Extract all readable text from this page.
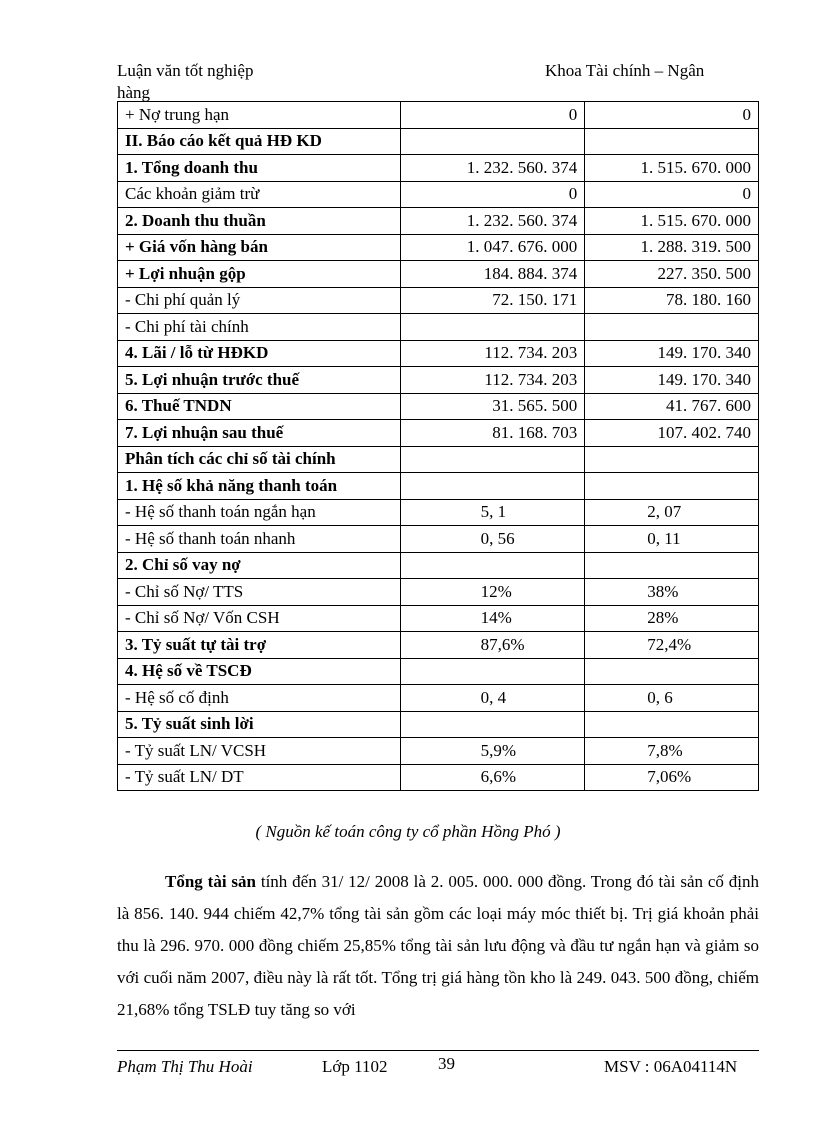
Luận văn tốt nghiệp hàng
Khoa Tài chính – Ngân
+ Nợ trung hạn	0	0
II. Báo cáo kết quả HĐ KD		
1. Tổng doanh thu	1. 232. 560. 374	1. 515. 670. 000
Các khoản giảm trừ	0	0
2. Doanh thu thuần	1. 232. 560. 374	1. 515. 670. 000
+ Giá vốn hàng bán	1. 047. 676. 000	1. 288. 319. 500
+ Lợi nhuận gộp	184. 884. 374	227. 350. 500
- Chi phí quản lý	72. 150. 171	78. 180. 160
- Chi phí tài chính		
4. Lãi / lỗ từ HĐKD	112. 734. 203	149. 170. 340
5. Lợi nhuận trước thuế	112. 734. 203	149. 170. 340
6. Thuế TNDN	31. 565. 500	41. 767. 600
7. Lợi nhuận sau thuế	81. 168. 703	107. 402. 740
Phân tích các chỉ số tài chính		
1. Hệ số khả năng thanh toán		
- Hệ số thanh toán ngắn hạn	5, 1	2, 07
- Hệ số thanh toán nhanh	0, 56	0, 11
2. Chỉ số vay nợ		
- Chỉ số Nợ/ TTS	12%	38%
- Chỉ số Nợ/ Vốn CSH	14%	28%
3. Tỷ suất tự tài trợ	87,6%	72,4%
4. Hệ số về TSCĐ		
- Hệ số cố định	0, 4	0, 6
5. Tỷ suất sinh lời		
- Tỷ suất LN/ VCSH	5,9%	7,8%
- Tỷ suất LN/ DT	6,6%	7,06%
( Nguồn kế toán công ty cổ phần Hồng Phó )
Tổng tài sản tính đến 31/ 12/ 2008 là 2. 005. 000. 000 đồng. Trong đó tài sản cố định là 856. 140. 944 chiếm 42,7% tổng tài sản gồm các loại máy móc thiết bị. Trị giá khoản phải thu là 296. 970. 000 đồng chiếm 25,85% tổng tài sản lưu động và đầu tư ngắn hạn và giảm so với cuối năm 2007, điều này là rất tốt. Tổng trị giá hàng tồn kho là 249. 043. 500 đồng, chiếm 21,68% tổng TSLĐ tuy tăng so với
Phạm Thị Thu Hoài	Lớp 1102	39	MSV : 06A04114N
